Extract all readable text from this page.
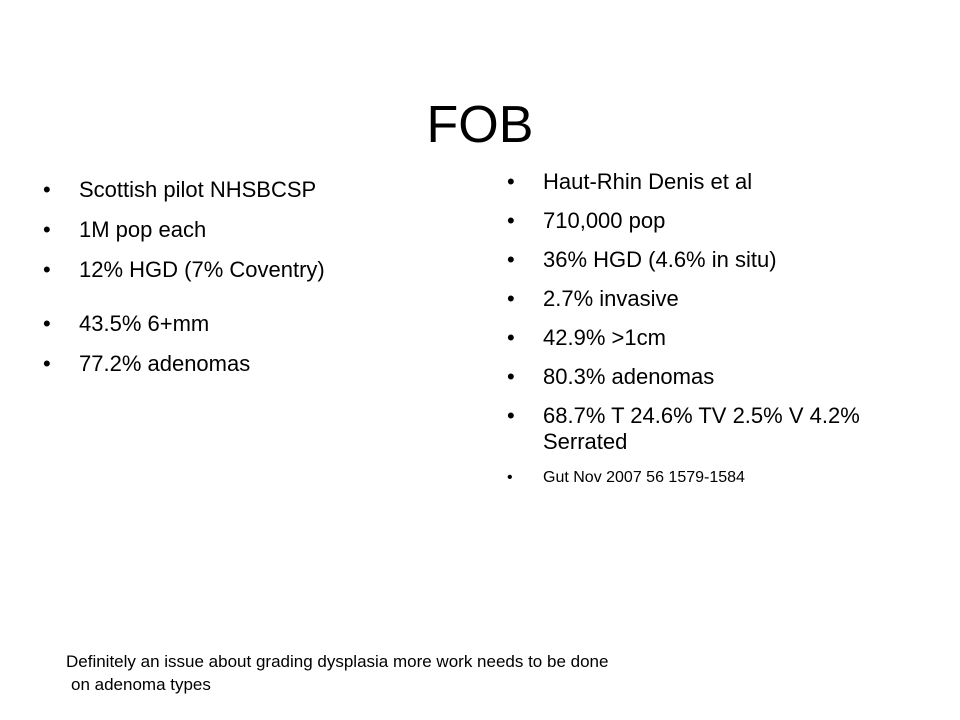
FOB
• Scottish pilot NHSBCSP
• 1M pop each
• 12% HGD (7% Coventry)
• 43.5% 6+mm
• 77.2% adenomas
• Haut-Rhin Denis et al
• 710,000 pop
• 36% HGD (4.6% in situ)
• 2.7% invasive
• 42.9% >1cm
• 80.3% adenomas
• 68.7% T 24.6% TV 2.5% V 4.2% Serrated
• Gut Nov 2007 56 1579-1584
Definitely an issue about grading dysplasia more work needs to be done
on adenoma types
